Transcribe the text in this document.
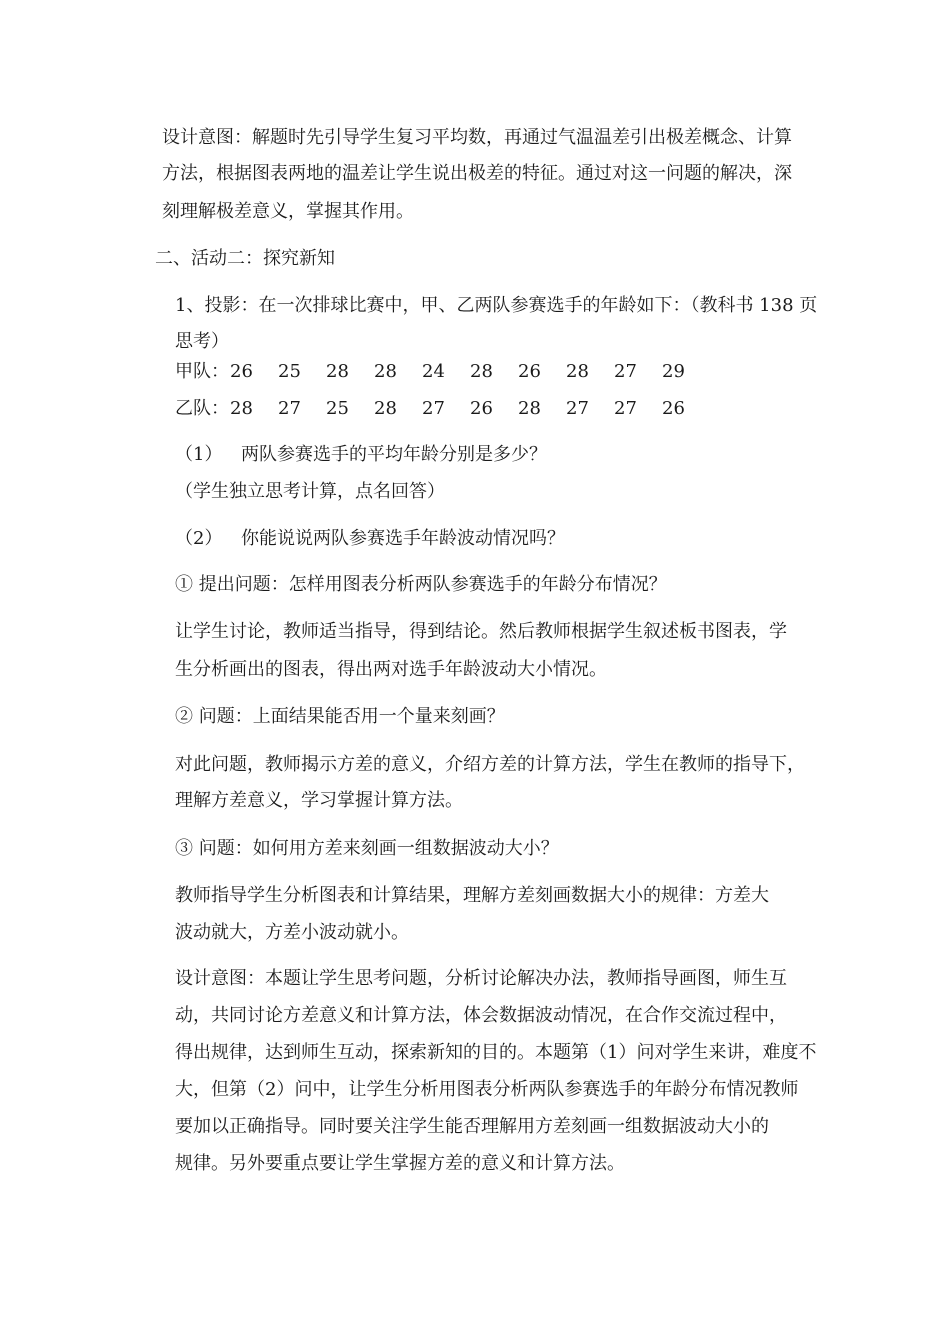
设计意图：解题时先引导学生复习平均数，再通过气温温差引出极差概念、计算
方法，根据图表两地的温差让学生说出极差的特征。通过对这一问题的解决，深
刻理解极差意义，掌握其作用。
二、活动二：探究新知
1、投影：在一次排球比赛中，甲、乙两队参赛选手的年龄如下：（教科书 138 页
思考）
甲队： 26 25 28 28 24 28 26 28 27 29
乙队： 28 27 25 28 27 26 28 27 27 26
（1） 两队参赛选手的平均年龄分别是多少？
（学生独立思考计算，点名回答）
（2） 你能说说两队参赛选手年龄波动情况吗？
① 提出问题：怎样用图表分析两队参赛选手的年龄分布情况？
让学生讨论，教师适当指导，得到结论。然后教师根据学生叙述板书图表，学
生分析画出的图表，得出两对选手年龄波动大小情况。
② 问题：上面结果能否用一个量来刻画？
对此问题，教师揭示方差的意义，介绍方差的计算方法，学生在教师的指导下，
理解方差意义，学习掌握计算方法。
③ 问题：如何用方差来刻画一组数据波动大小？
教师指导学生分析图表和计算结果，理解方差刻画数据大小的规律：方差大
波动就大，方差小波动就小。
设计意图：本题让学生思考问题，分析讨论解决办法，教师指导画图，师生互
动，共同讨论方差意义和计算方法，体会数据波动情况，在合作交流过程中，
得出规律，达到师生互动，探索新知的目的。本题第（1）问对学生来讲，难度不
大，但第（2）问中，让学生分析用图表分析两队参赛选手的年龄分布情况教师
要加以正确指导。同时要关注学生能否理解用方差刻画一组数据波动大小的
规律。另外要重点要让学生掌握方差的意义和计算方法。
